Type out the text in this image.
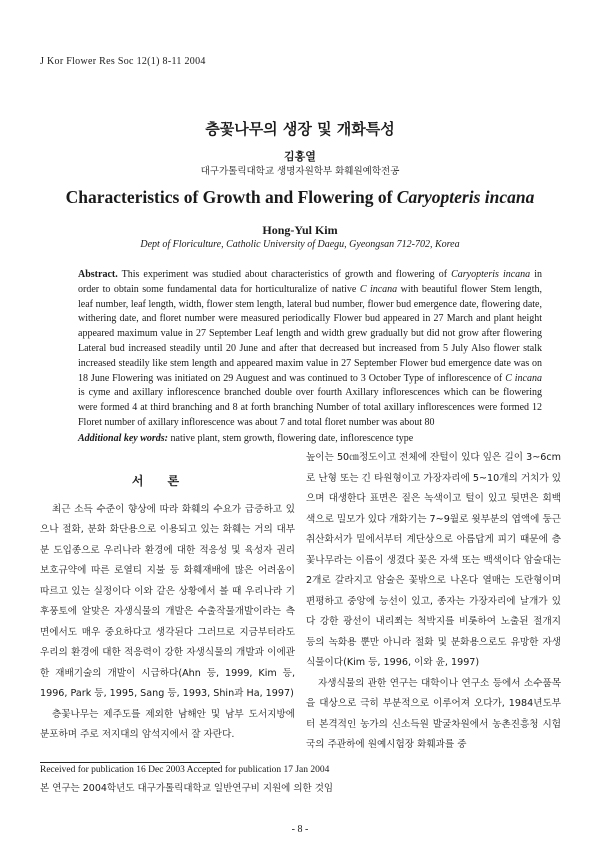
J Kor Flower Res Soc 12(1) 8-11 2004
층꽃나무의 생장 및 개화특성
김홍열
대구가톨릭대학교 생명자원학부 화훼원예학전공
Characteristics of Growth and Flowering of Caryopteris incana
Hong-Yul Kim
Dept of Floriculture, Catholic University of Daegu, Gyeongsan 712-702, Korea
Abstract. This experiment was studied about characteristics of growth and flowering of Caryopteris incana in order to obtain some fundamental data for horticulturalize of native C incana with beautiful flower Stem length, leaf number, leaf length, width, flower stem length, lateral bud number, flower bud emergence date, flowering date, withering date, and floret number were measured periodically Flower bud appeared in 27 March and plant height appeared maximum value in 27 September Leaf length and width grew gradually but did not grow after flowering Lateral bud increased steadily until 20 June and after that decreased but increased from 5 July Also flower stalk increased steadily like stem length and appeared maxim value in 27 September Flower bud emergence date was on 18 June Flowering was initiated on 29 Auguest and was continued to 3 October Type of inflorescence of C incana is cyme and axillary inflorescence branched double over fourth Axillary inflorescences which can be flowering were formed 4 at third branching and 8 at forth branching Number of total axillary inflorescences were formed 12 Floret number of axillary inflorescence was about 7 and total floret number was about 80
Additional key words: native plant, stem growth, flowering date, inflorescence type
서론

최근 소득 수준이 향상에 따라 화훼의 수요가 급증하고 있으나 절화, 분화 화단용으로 이용되고 있는 화훼는 거의 대부분 도입종으로 우리나라 환경에 대한 적응성 및 육성자 권리보호규약에 따른 로열티 지불 등 화훼재배에 많은 어려움이 따르고 있는 실정이다 이와 같은 상황에서 볼 때 우리나라 기후풍토에 알맞은 자생식물의 개발은 수출작물개발이라는 측면에서도 매우 중요하다고 생각된다 그러므로 지금부터라도 우리의 환경에 대한 적응력이 강한 자생식물의 개발과 이에관한 재배기술의 개발이 시급하다(Ahn 등, 1999, Kim 등, 1996, Park 등, 1995, Sang 등, 1993, Shin과 Ha, 1997)

층꽃나무는 제주도를 제외한 남해안 및 남부 도서지방에 분포하며 주로 저지대의 암석지에서 잘 자란다.

높이는 50㎝정도이고 전체에 잔털이 있다 잎은 길이 3~6cm로 난형 또는 긴 타원형이고 가장자리에 5~10개의 거치가 있으며 대생한다 표면은 짙은 녹색이고 털이 있고 뒷면은 회백색으로 밀모가 있다 개화기는 7~9월로 윗부분의 엽액에 둥근 취산화서가 밑에서부터 계단상으로 아름답게 피기 때문에 층꽃나무라는 이름이 생겼다 꽃은 자색 또는 백색이다 암술대는 2개로 갈라지고 암술은 꽃밖으로 나온다 열매는 도란형이며 편평하고 중앙에 능선이 있고, 종자는 가장자리에 날개가 있다 강한 광선이 내리쬐는 척박지를 비롯하여 노출된 절개지 등의 녹화용 뿐만 아니라 절화 및 분화용으로도 유망한 자생식물이다(Kim 등, 1996, 이와 윤, 1997)

자생식물의 관한 연구는 대학이나 연구소 등에서 소수품목을 대상으로 극히 부분적으로 이루어져 오다가, 1984년도부터 본격적인 농가의 신소득원 발굴차원에서 농촌진흥청 시험국의 주관하에 원예시험장 화훼과를 중

Received for publication 16 Dec 2003 Accepted for publication 17 Jan 2004
본 연구는 2004학년도 대구가톨릭대학교 일반연구비 지원에 의한 것임
- 8 -
